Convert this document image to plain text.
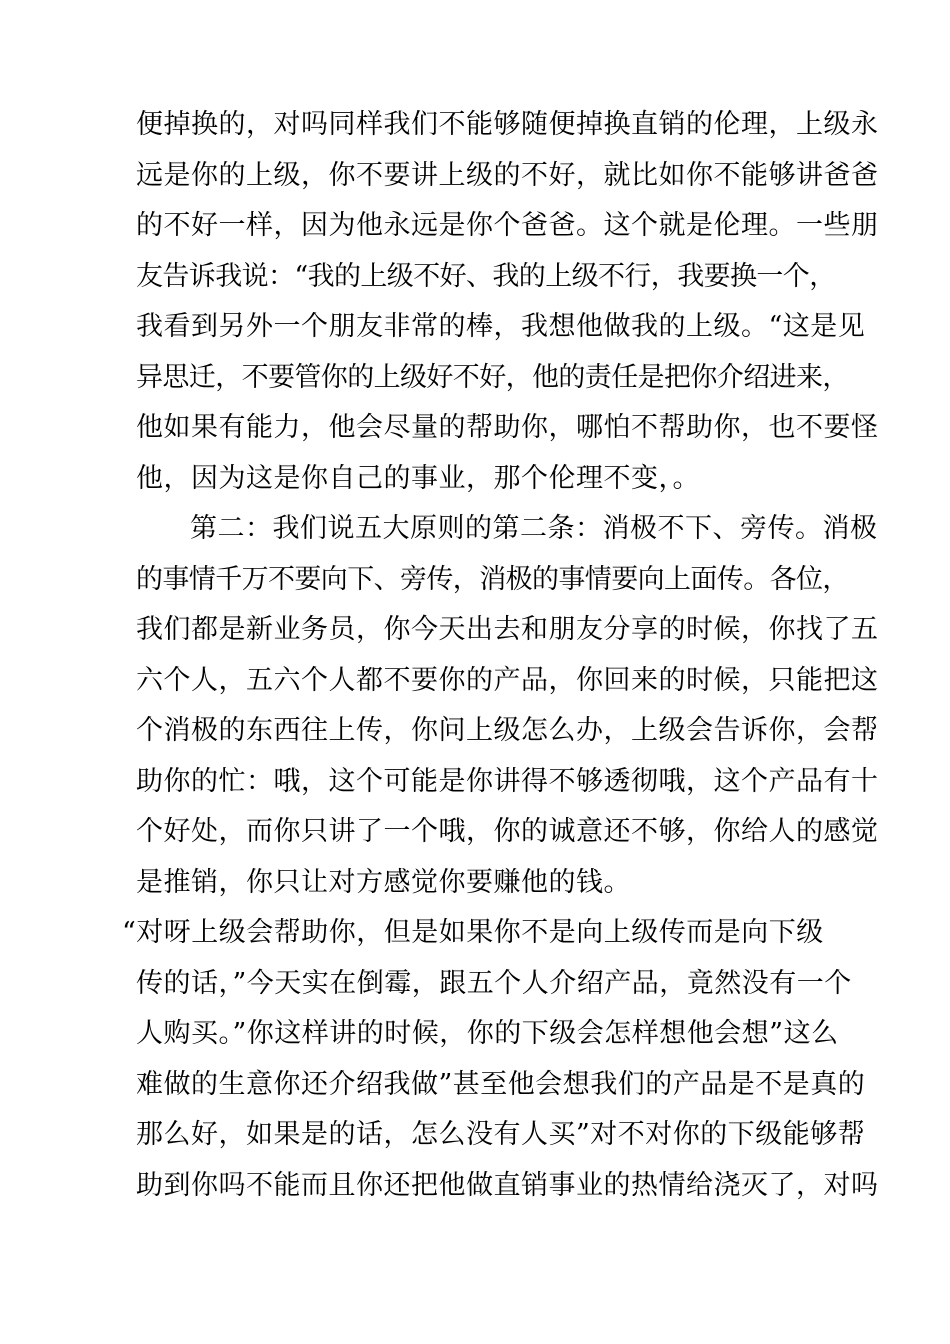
便掉换的，对吗同样我们不能够随便掉换直销的伦理，上级永
远是你的上级，你不要讲上级的不好，就比如你不能够讲爸爸
的不好一样，因为他永远是你个爸爸。这个就是伦理。一些朋
友告诉我说：“我的上级不好、我的上级不行，我要换一个，
我看到另外一个朋友非常的棒，我想他做我的上级。“这是见
异思迁，不要管你的上级好不好，他的责任是把你介绍进来，
他如果有能力，他会尽量的帮助你，哪怕不帮助你，也不要怪
他，因为这是你自己的事业，那个伦理不变，。
第二：我们说五大原则的第二条：消极不下、旁传。消极
的事情千万不要向下、旁传，消极的事情要向上面传。各位，
我们都是新业务员，你今天出去和朋友分享的时候，你找了五
六个人，五六个人都不要你的产品，你回来的时候，只能把这
个消极的东西往上传，你问上级怎么办，上级会告诉你，会帮
助你的忙：哦，这个可能是你讲得不够透彻哦，这个产品有十
个好处，而你只讲了一个哦，你的诚意还不够，你给人的感觉
是推销，你只让对方感觉你要赚他的钱。
“对呀上级会帮助你，但是如果你不是向上级传而是向下级
传的话，”今天实在倒霉，跟五个人介绍产品，竟然没有一个
人购买。”你这样讲的时候，你的下级会怎样想他会想”这么
难做的生意你还介绍我做”甚至他会想我们的产品是不是真的
那么好，如果是的话，怎么没有人买”对不对你的下级能够帮
助到你吗不能而且你还把他做直销事业的热情给浇灭了，对吗
